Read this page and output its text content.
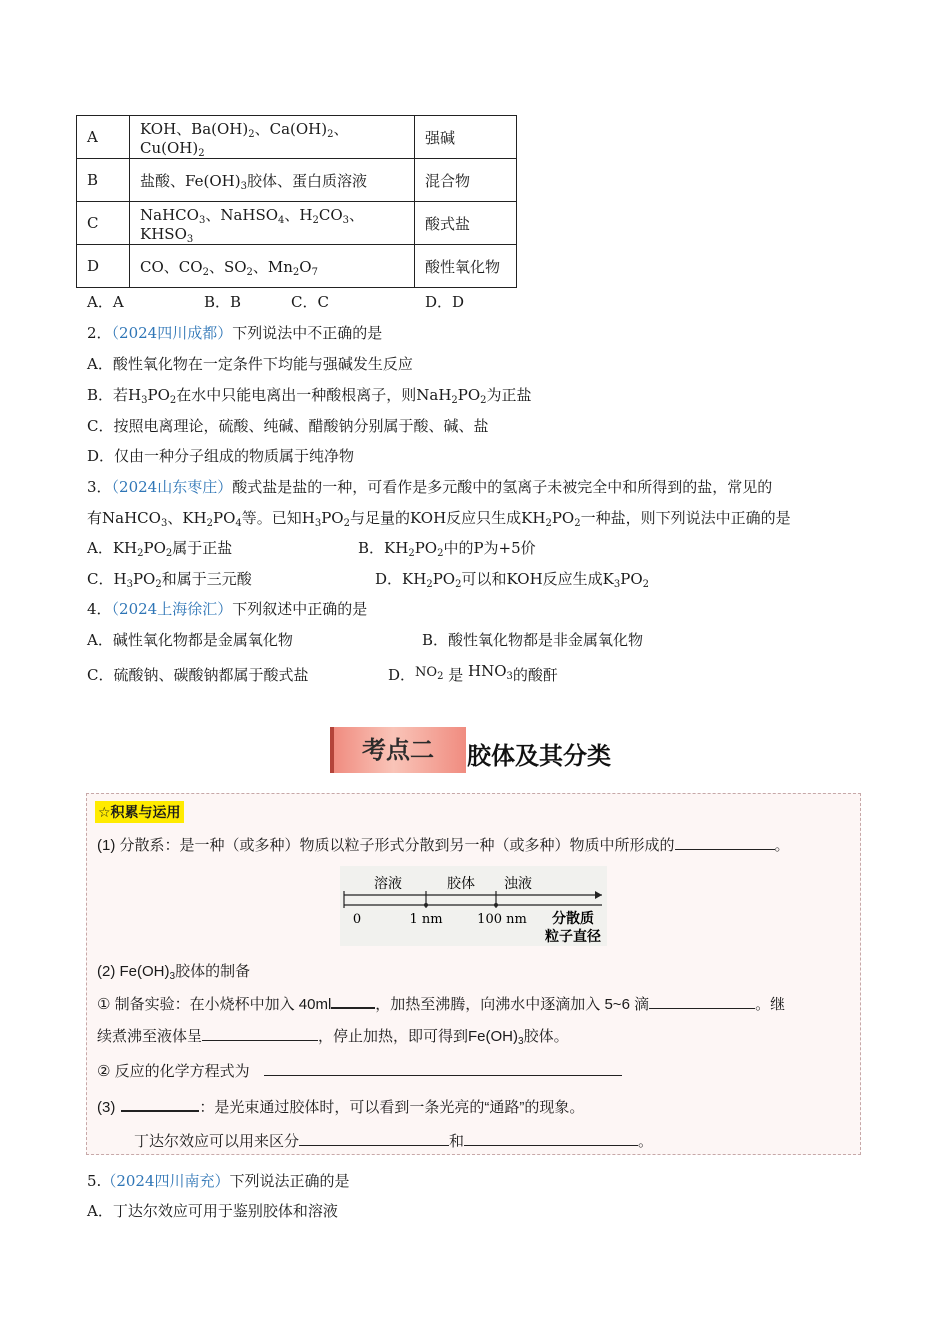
A	KOH、$Ba(OH)_2$、$Ca(OH)_2$、$Cu(OH)_2$	强碱
B	盐酸、$Fe(OH)_3$胶体、蛋白质溶液	混合物
C	NaHCO$_3$、NaHSO$_4$、$H_2CO_3$、$KHSO_3$	酸式盐
D	CO、$CO_2$、$SO_2$、$Mn_2O_7$	酸性氧化物
A．A	B．B	C．C	D．D
2．（2024四川成都）下列说法中不正确的是
A．酸性氧化物在一定条件下均能与强碱发生反应
B．若$H_3PO_2$在水中只能电离出一种酸根离子，则$NaH_2PO_2$为正盐
C．按照电离理论，硫酸、纯碱、醋酸钠分别属于酸、碱、盐
D．仅由一种分子组成的物质属于纯净物
3．（2024山东枣庄）酸式盐是盐的一种，可看作是多元酸中的氢离子未被完全中和所得到的盐，常见的
有NaHCO$_3$、$KH_2PO_4$等。已知$H_3PO_2$与足量的KOH反应只生成$KH_2PO_2$一种盐，则下列说法中正确的是
A．$KH_2PO_2$属于正盐	B．$KH_2PO_2$中的P为+5价
C．$H_3PO_2$和属于三元酸	D．$KH_2PO_2$可以和KOH反应生成$K_3PO_2$
4．（2024上海徐汇）下列叙述中正确的是
A．碱性氧化物都是金属氧化物	B．酸性氧化物都是非金属氧化物
C．硫酸钠、碳酸钠都属于酸式盐	D．$NO_2$ 是 $HNO_3$的酸酐
考点二	胶体及其分类
☆积累与运用
(1) 分散系：是一种（或多种）物质以粒子形式分散到另一种（或多种）物质中所形成的	。
溶液	胶体 浊液
0	1 nm	100 nm 分散质
粒子直径
(2) $Fe(OH)_3$胶体的制备
① 制备实验：在小烧杯中加入 40ml	，加热至沸腾，向沸水中逐滴加入 5~6 滴	。继
续煮沸至液体呈	，停止加热，即可得到$Fe(OH)_3$胶体。
② 反应的化学方程式为
(3)	：是光束通过胶体时，可以看到一条光亮的“通路”的现象。
丁达尔效应可以用来区分	和	。
5.（2024四川南充）下列说法正确的是
A．丁达尔效应可用于鉴别胶体和溶液
